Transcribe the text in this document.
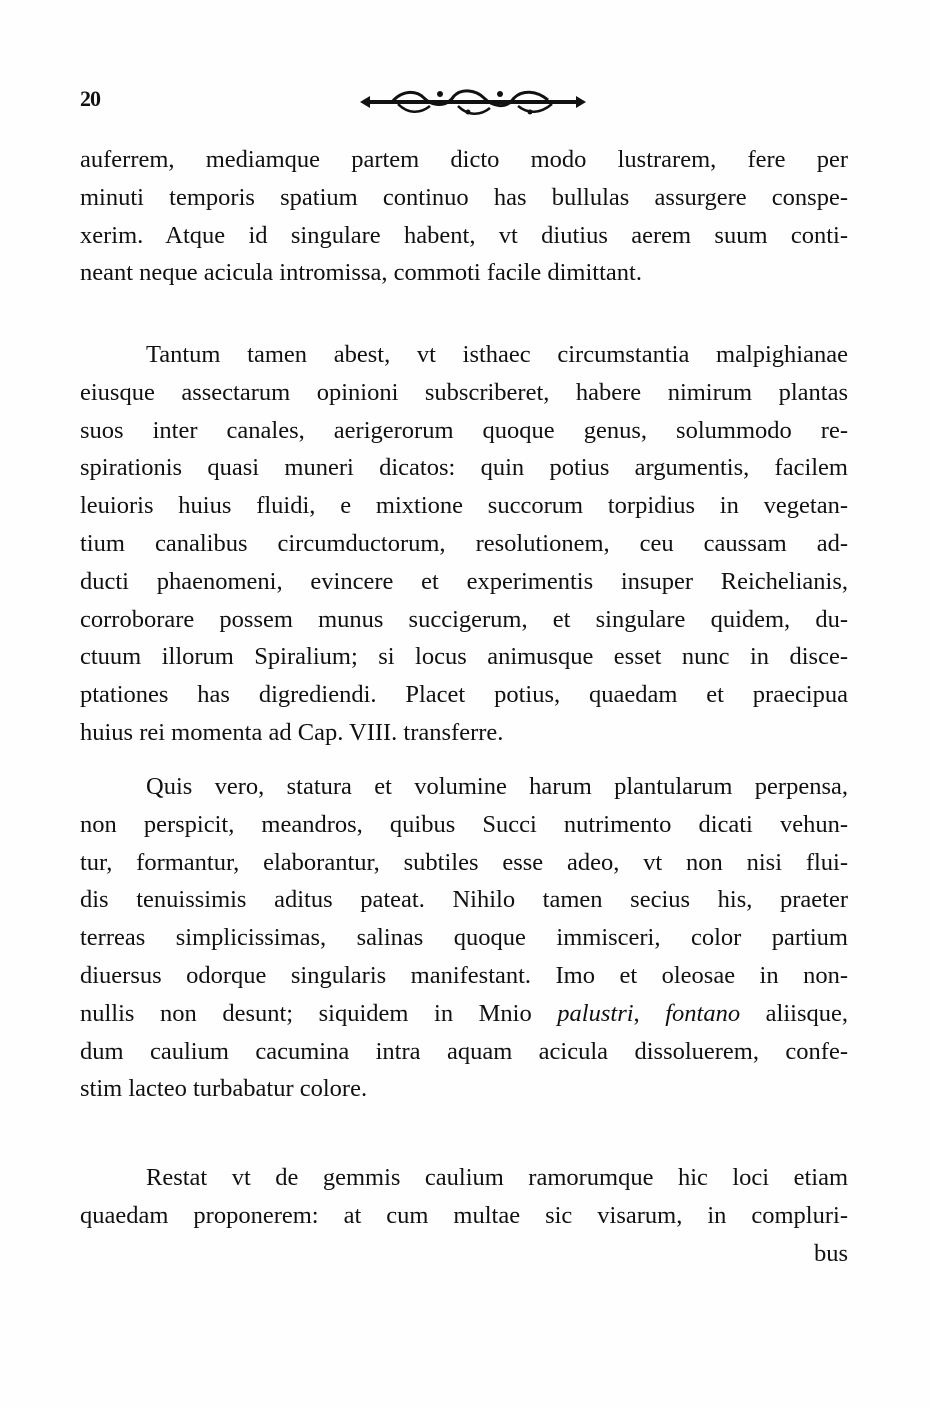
20
auferrem, mediamque partem dicto modo lustrarem, fere per
minuti temporis spatium continuo has bullulas assurgere conspe-
xerim. Atque id singulare habent, vt diutius aerem suum conti-
neant neque acicula intromissa, commoti facile dimittant.
Tantum tamen abest, vt isthaec circumstantia malpighianae
eiusque assectarum opinioni subscriberet, habere nimirum plantas
suos inter canales, aerigerorum quoque genus, solummodo re-
spirationis quasi muneri dicatos: quin potius argumentis, facilem
leuioris huius fluidi, e mixtione succorum torpidius in vegetan-
tium canalibus circumductorum, resolutionem, ceu caussam ad-
ducti phaenomeni, evincere et experimentis insuper Reichelianis,
corroborare possem munus succigerum, et singulare quidem, du-
ctuum illorum Spiralium; si locus animusque esset nunc in disce-
ptationes has digrediendi. Placet potius, quaedam et praecipua
huius rei momenta ad Cap. VIII. transferre.
Quis vero, statura et volumine harum plantularum perpensa,
non perspicit, meandros, quibus Succi nutrimento dicati vehun-
tur, formantur, elaborantur, subtiles esse adeo, vt non nisi flui-
dis tenuissimis aditus pateat. Nihilo tamen secius his, praeter
terreas simplicissimas, salinas quoque immisceri, color partium
diuersus odorque singularis manifestant. Imo et oleosae in non-
nullis non desunt; siquidem in Mnio palustri, fontano aliisque,
dum caulium cacumina intra aquam acicula dissoluerem, confe-
stim lacteo turbabatur colore.
Restat vt de gemmis caulium ramorumque hic loci etiam
quaedam proponerem: at cum multae sic visarum, in compluri-
bus
